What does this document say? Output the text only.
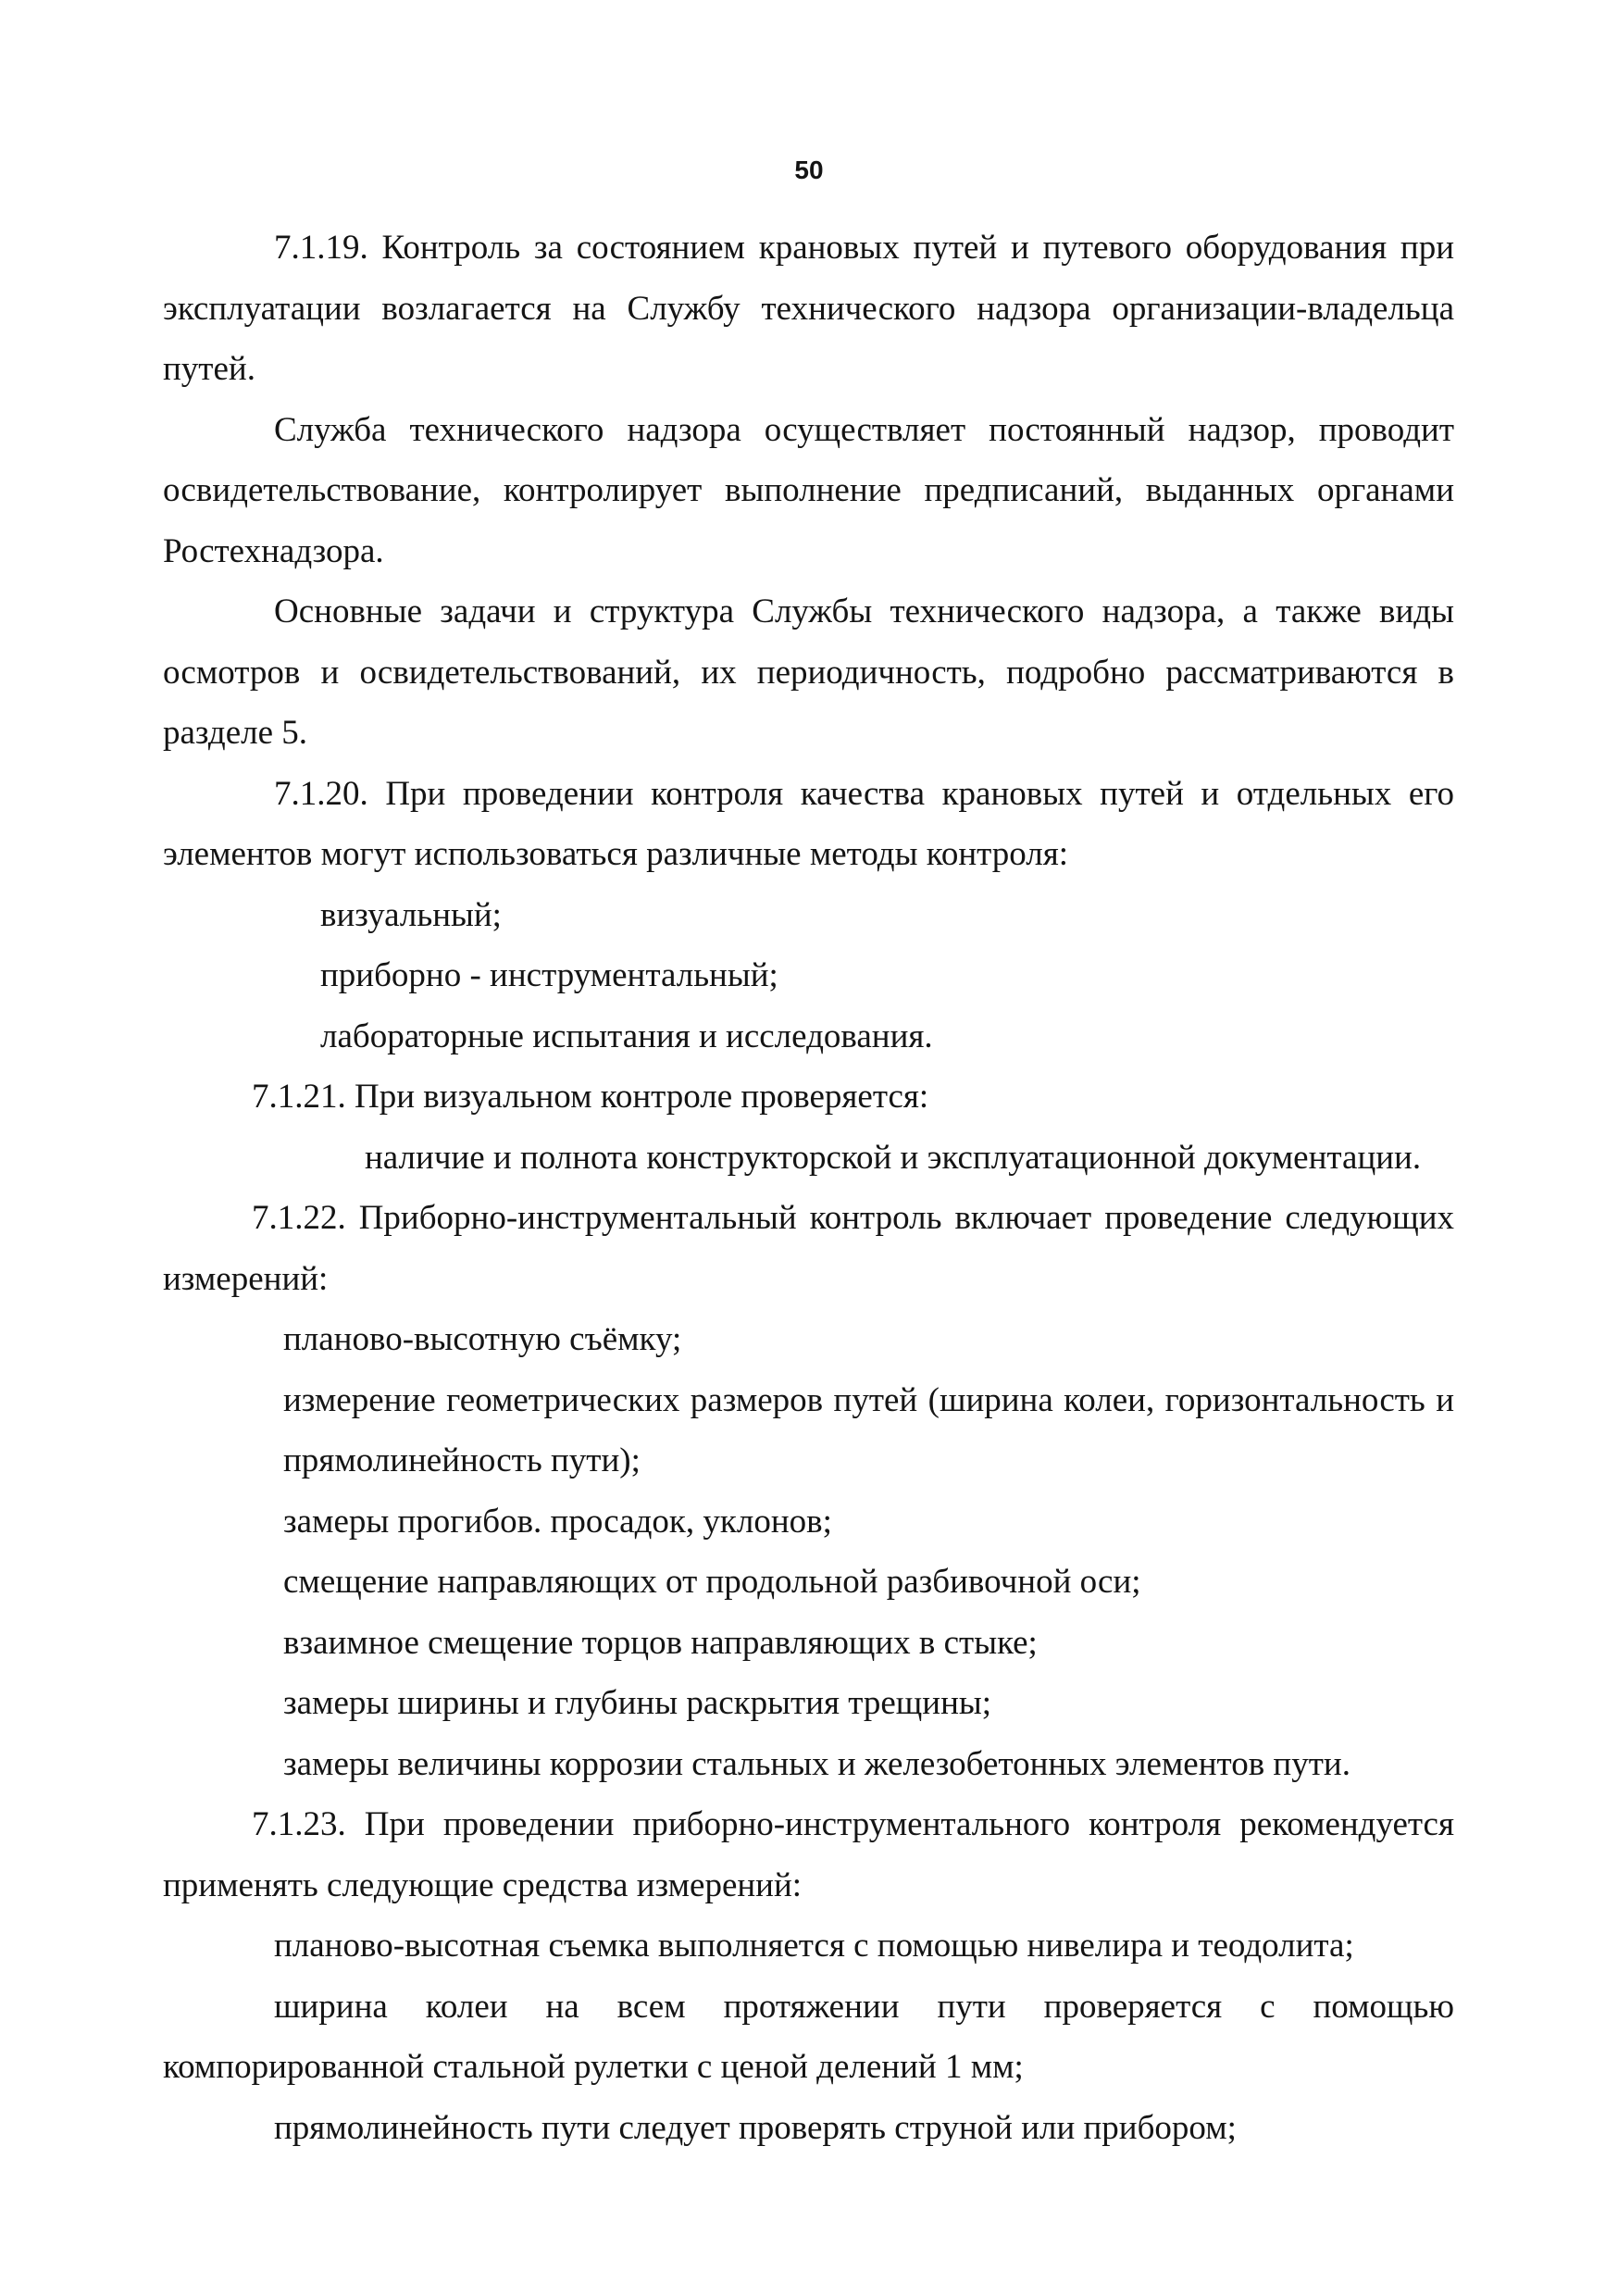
50

7.1.19. Контроль за состоянием крановых путей и путевого оборудования при эксплуатации возлагается на Службу технического надзора организации-владельца путей.

Служба технического надзора осуществляет постоянный надзор, проводит освидетельствование, контролирует выполнение предписаний, выданных органами Ростехнадзора.

Основные задачи и структура Службы технического надзора, а также виды осмотров и освидетельствований, их периодичность, подробно рассматриваются в разделе 5.

7.1.20. При проведении контроля качества крановых путей и отдельных его элементов могут использоваться различные методы контроля:

визуальный;

приборно - инструментальный;

лабораторные испытания и исследования.

7.1.21. При визуальном контроле проверяется:

наличие и полнота конструкторской и эксплуатационной документации.

7.1.22. Приборно-инструментальный контроль включает проведение следующих измерений:

планово-высотную съёмку;

измерение геометрических размеров путей (ширина колеи, горизонтальность и прямолинейность пути);

замеры прогибов. просадок, уклонов;

смещение направляющих от продольной разбивочной оси;

взаимное смещение торцов направляющих в стыке;

замеры ширины и глубины раскрытия трещины;

замеры величины коррозии стальных и железобетонных элементов пути.

7.1.23. При проведении приборно-инструментального контроля рекомендуется применять следующие средства измерений:

планово-высотная съемка выполняется с помощью нивелира и теодолита;

ширина колеи на всем протяжении пути проверяется с помощью компорированной стальной рулетки с ценой делений 1 мм;

прямолинейность пути следует проверять струной или прибором;
